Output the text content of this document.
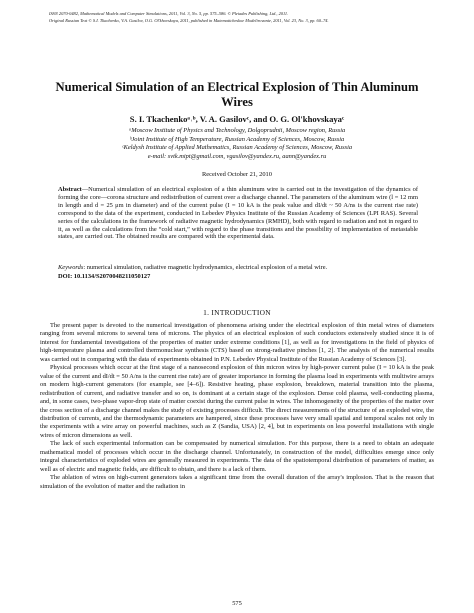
ISSN 2070-0482, Mathematical Models and Computer Simulations, 2011, Vol. 3, No. 5, pp. 575–586. © Pleiades Publishing, Ltd., 2011.
Original Russian Text © S.I. Tkachenko, V.A. Gasilov, O.G. Ol'khovskaya, 2011, published in Matematicheskoe Modelirovanie, 2011, Vol. 23, No. 3, pp. 60–74.
Numerical Simulation of an Electrical Explosion of Thin Aluminum Wires
S. I. Tkachenkoᵃ˒ᵇ, V. A. Gasilovᶜ, and O. G. Ol'khovskayaᶜ
ᵃMoscow Institute of Physics and Technology, Dolgoprudnii, Moscow region, Russia
ᵇJoint Institute of High Temperature, Russian Academy of Sciences, Moscow, Russia
ᶜKeldysh Institute of Applied Mathematics, Russian Academy of Sciences, Moscow, Russia
e-mail: svtk.mipt@gmail.com, vgasilov@yandex.ru, aann@yandex.ru
Received October 21, 2010
Abstract—Numerical simulation of an electrical explosion of a thin aluminum wire is carried out in the investigation of the dynamics of forming the core—corona structure and redistribution of current over a discharge channel. The parameters of the aluminum wire (l = 12 mm in length and d = 25 μm in diameter) and of the current pulse (I = 10 kA is the peak value and dI/dt ~ 50 A/ns is the current rise rate) correspond to the data of the experiment, conducted in Lebedev Physics Institute of the Russian Academy of Sciences (LPI RAS). Several series of the calculations in the framework of radiative magnetic hydrodynamics (RMHD), both with regard to radiation and not in regard to it, as well as the calculations from the “cold start,” with regard to the phase transitions and the possibility of implementation of metastable states, are carried out. The obtained results are compared with the experimental data.
Keywords: numerical simulation, radiative magnetic hydrodynamics, electrical explosion of a metal wire.
DOI: 10.1134/S2070048211050127
1. INTRODUCTION

The present paper is devoted to the numerical investigation of phenomena arising under the electrical explosion of thin metal wires of diameters ranging from several microns to several tens of microns. The physics of an electrical explosion of such conductors extensively studied since it is of interest for fundamental investigations of the properties of matter under extreme conditions [1], as well as for investigations in the field of physics of high-temperature plasma and controlled thermonuclear synthesis (CTS) based on strong-radiative pinches [1, 2]. The analysis of the numerical results was carried out in comparing with the data of experiments obtained in P.N. Lebedev Physical Institute of the Russian Academy of Sciences [3].

Physical processes which occur at the first stage of a nanosecond explosion of thin micron wires by high-power current pulse (I = 10 kA is the peak value of the current and dI/dt = 50 A/ns is the current rise rate) are of greater importance in forming the plasma load in experiments with multiwire arrays on modern high-current generators (for example, see [4–6]). Resistive heating, phase explosion, breakdown, material transition into the plasma, redistribution of current, and radiative transfer and so on, is dominant at a certain stage of the explosion. Dense cold plasma, well-conducting plasma, and, in some cases, two-phase vapor-drop state of matter coexist during the current pulse in wires. The inhomogeneity of the properties of the matter over the cross section of a discharge channel makes the study of existing processes difficult. The direct measurements of the structure of an exploded wire, the distribution of currents, and the thermodynamic parameters are hampered, since these processes have very small spatial and temporal scales not only in the experiments with a wire array on powerful machines, such as Z (Sandia, USA) [2, 4], but in experiments on less powerful installations with single wires of micron dimensions as well.

The lack of such experimental information can be compensated by numerical simulation. For this purpose, there is a need to obtain an adequate mathematical model of processes which occur in the discharge channel. Unfortunately, in construction of the model, difficulties emerge since only integral characteristics of exploded wires are generally measured in experiments. The data of the spatiotemporal distribution of parameters of matter, as well as of electric and magnetic fields, are difficult to obtain, and there is a lack of them.

The ablation of wires on high-current generators takes a significant time from the overall duration of the array's implosion. That is the reason that simulation of the evolution of matter and the radiation in

575
